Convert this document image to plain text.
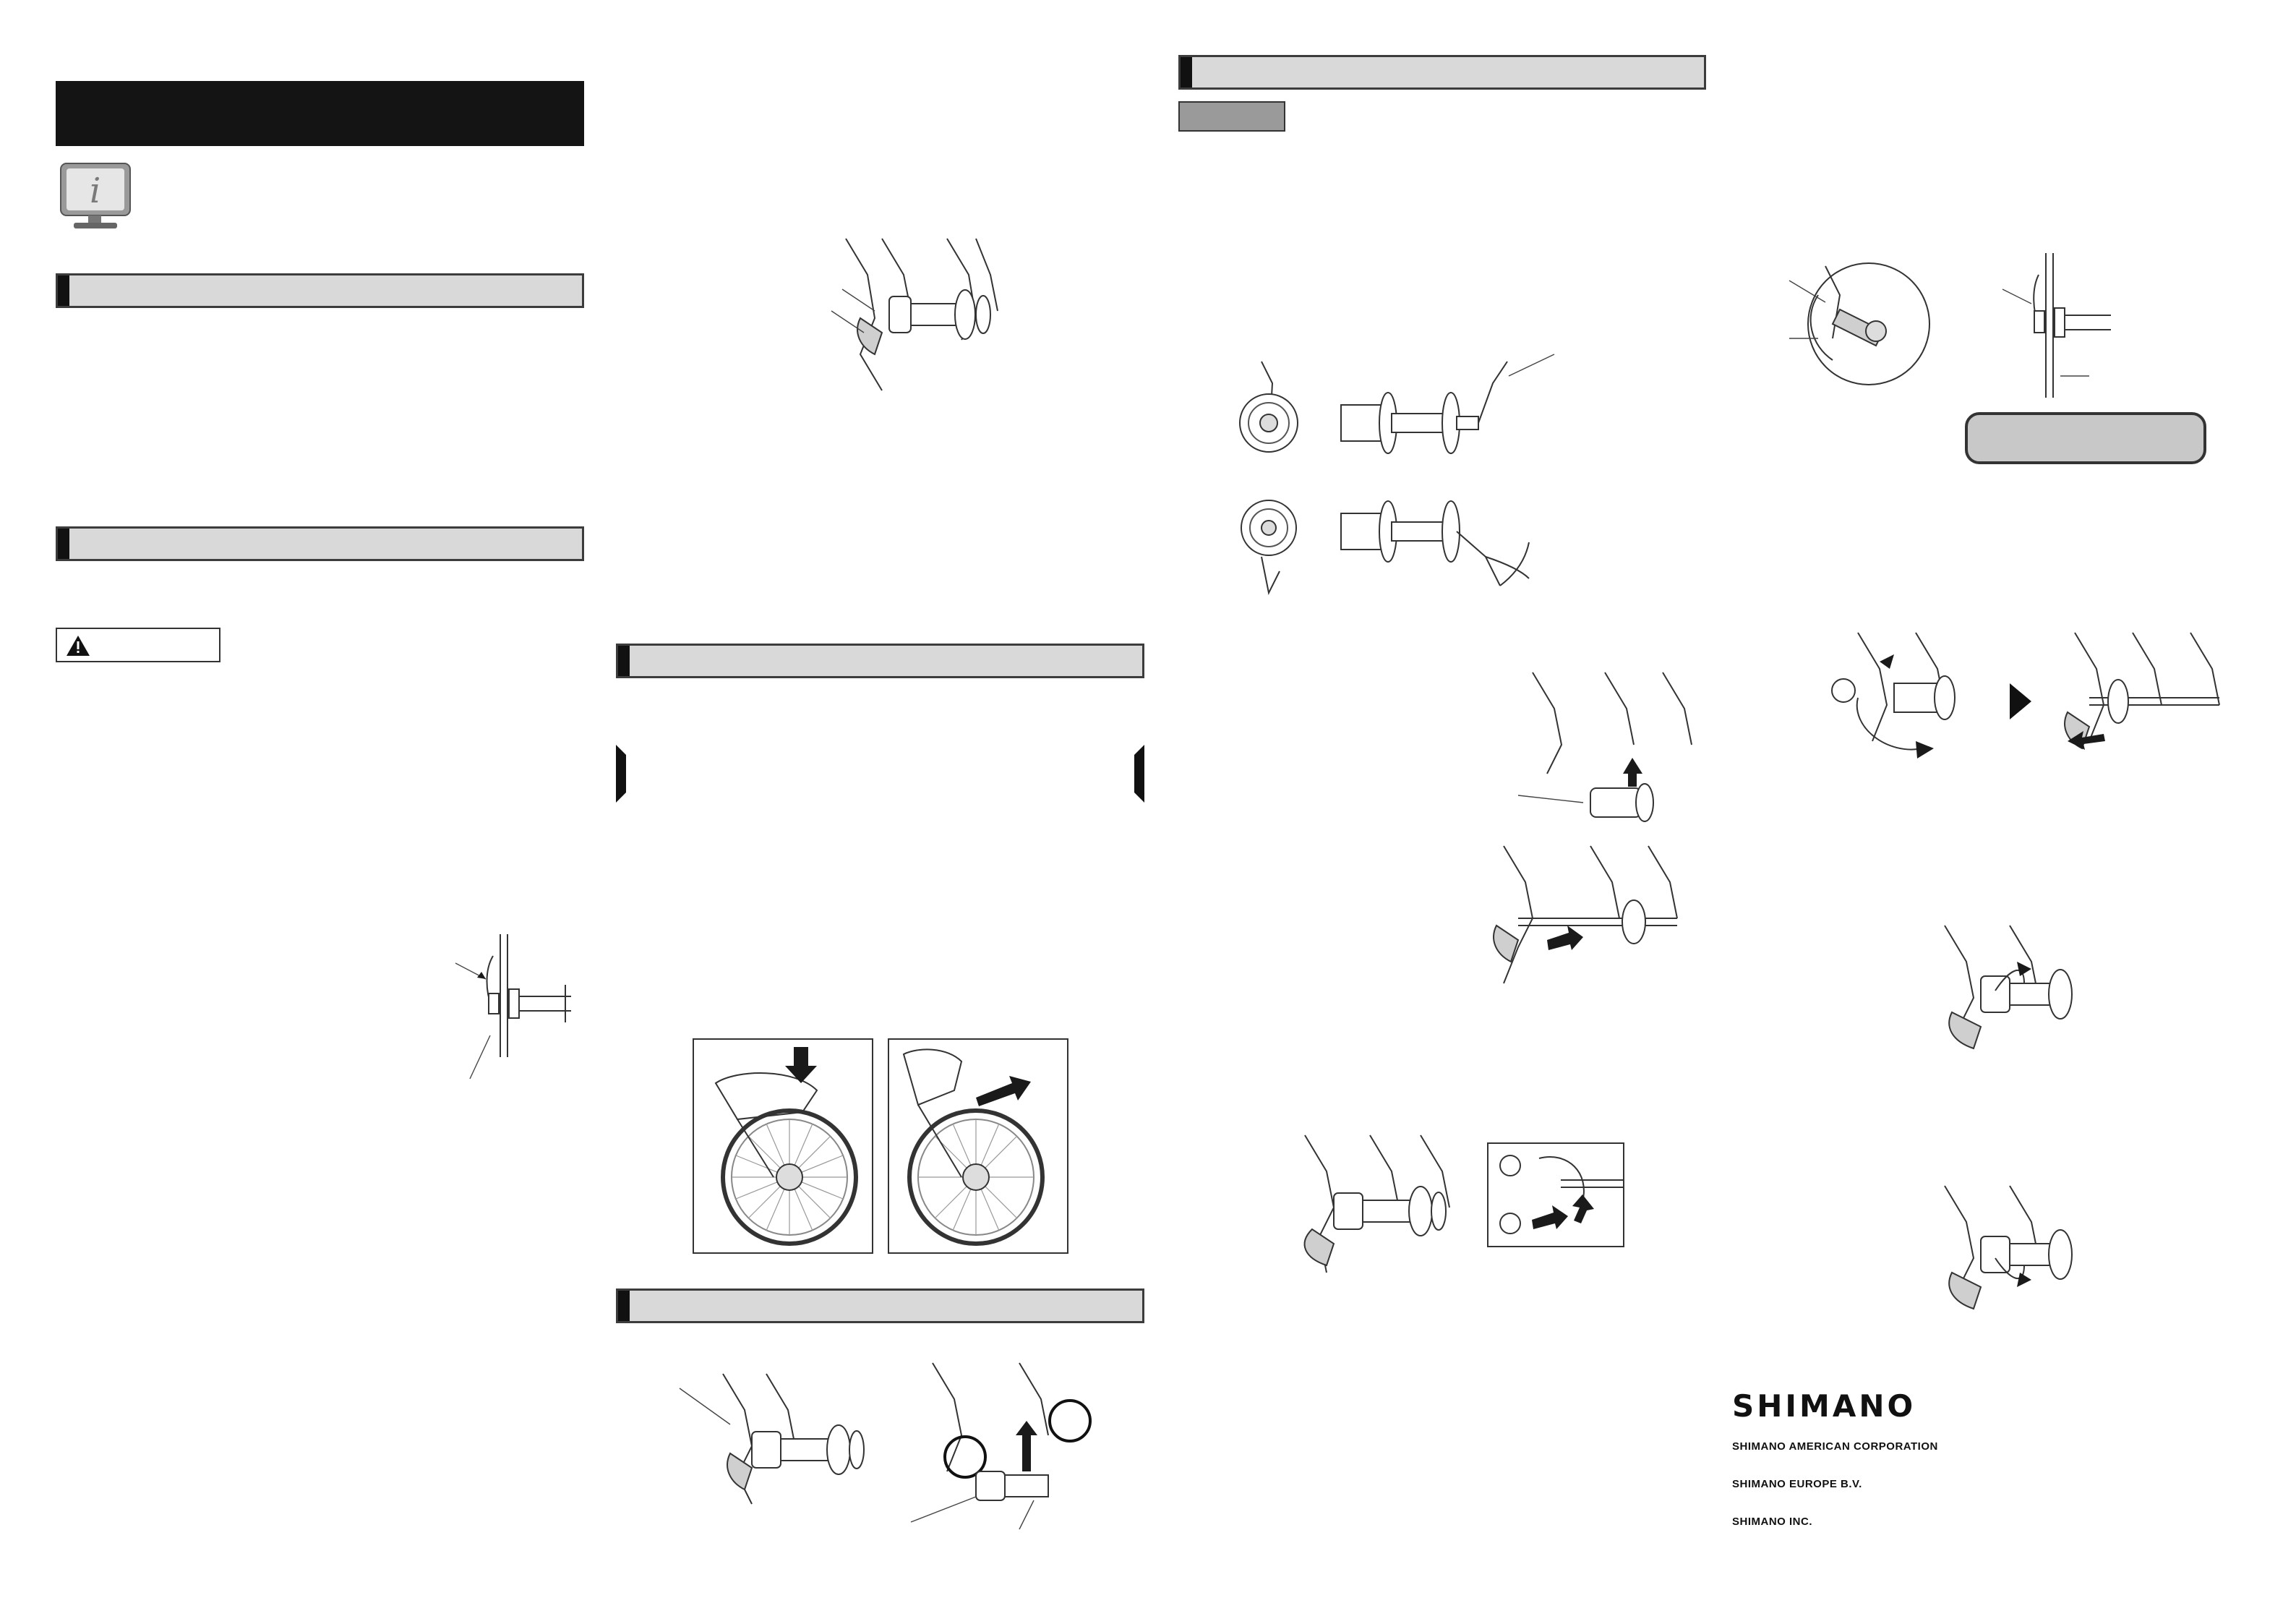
i
SHIMANO
SHIMANO AMERICAN CORPORATION
SHIMANO EUROPE B.V.
SHIMANO INC.
